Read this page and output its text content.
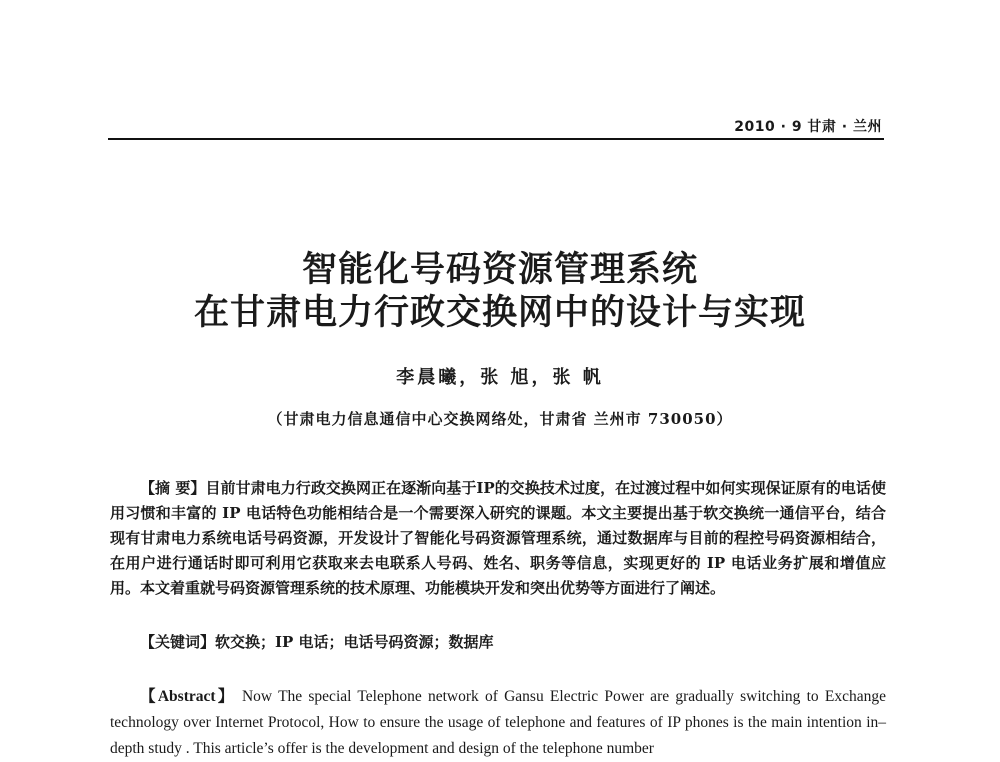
2010 · 9 甘肃 · 兰州
智能化号码资源管理系统
在甘肃电力行政交换网中的设计与实现
李晨曦，张 旭，张 帆
（甘肃电力信息通信中心交换网络处，甘肃省 兰州市 730050）

【摘 要】目前甘肃电力行政交换网正在逐渐向基于IP的交换技术过度，在过渡过程中如何实现保证原有的电话使用习惯和丰富的 IP 电话特色功能相结合是一个需要深入研究的课题。本文主要提出基于软交换统一通信平台，结合现有甘肃电力系统电话号码资源，开发设计了智能化号码资源管理系统，通过数据库与目前的程控号码资源相结合，在用户进行通话时即可利用它获取来去电联系人号码、姓名、职务等信息，实现更好的 IP 电话业务扩展和增值应用。本文着重就号码资源管理系统的技术原理、功能模块开发和突出优势等方面进行了阐述。

【关键词】软交换；IP 电话；电话号码资源；数据库

【Abstract】 Now The special Telephone network of Gansu Electric Power are gradually switching to Exchange technology over Internet Protocol, How to ensure the usage of telephone and features of IP phones is the main intention in–depth study . This article’s offer is the development and design of the telephone number
